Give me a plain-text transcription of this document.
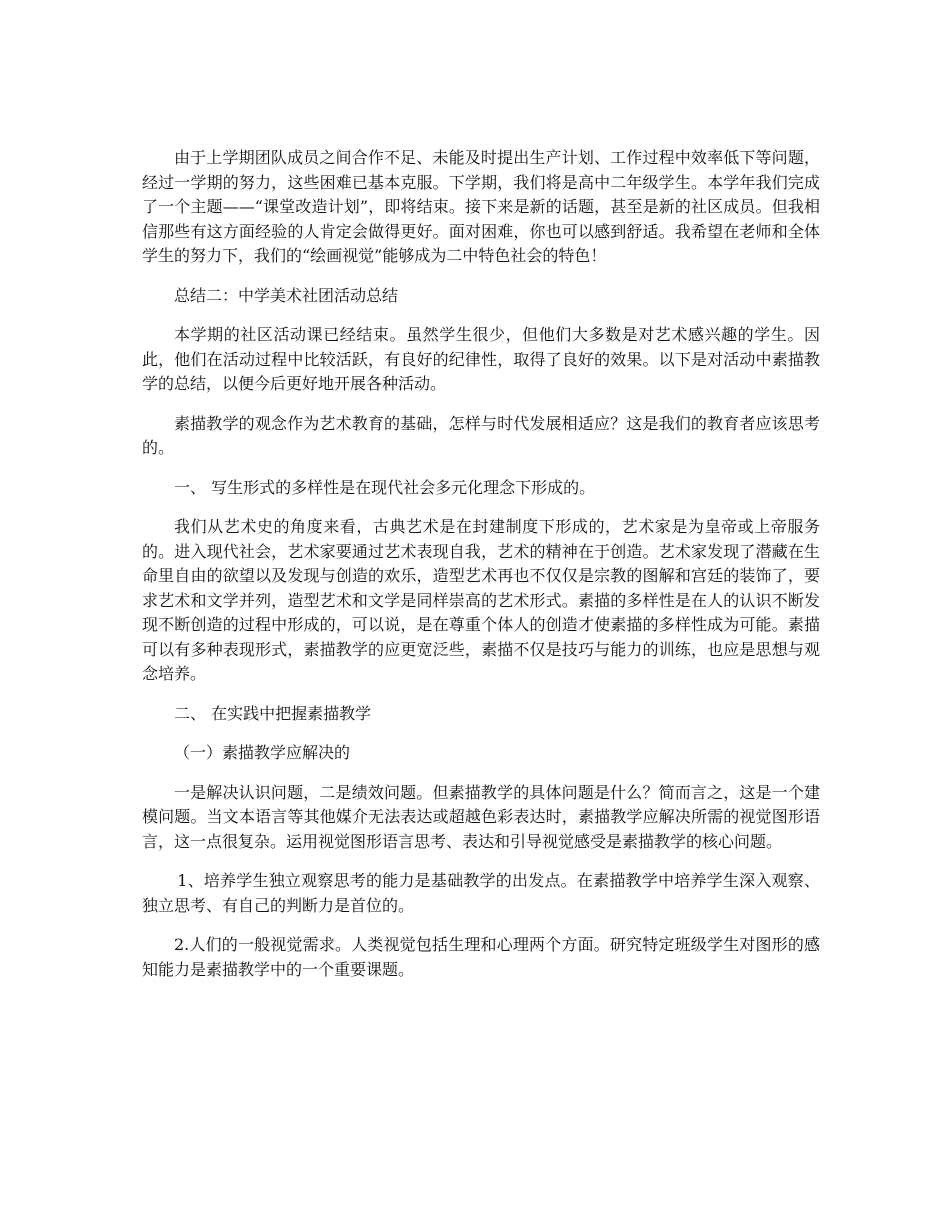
由于上学期团队成员之间合作不足、未能及时提出生产计划、工作过程中效率低下等问题，经过一学期的努力，这些困难已基本克服。下学期，我们将是高中二年级学生。本学年我们完成了一个主题——“课堂改造计划”，即将结束。接下来是新的话题，甚至是新的社区成员。但我相信那些有这方面经验的人肯定会做得更好。面对困难，你也可以感到舒适。我希望在老师和全体学生的努力下，我们的“绘画视觉”能够成为二中特色社会的特色！

总结二：中学美术社团活动总结

本学期的社区活动课已经结束。虽然学生很少，但他们大多数是对艺术感兴趣的学生。因此，他们在活动过程中比较活跃，有良好的纪律性，取得了良好的效果。以下是对活动中素描教学的总结，以便今后更好地开展各种活动。

素描教学的观念作为艺术教育的基础，怎样与时代发展相适应？这是我们的教育者应该思考的。

一、 写生形式的多样性是在现代社会多元化理念下形成的。

我们从艺术史的角度来看，古典艺术是在封建制度下形成的，艺术家是为皇帝或上帝服务的。进入现代社会，艺术家要通过艺术表现自我，艺术的精神在于创造。艺术家发现了潜藏在生命里自由的欲望以及发现与创造的欢乐，造型艺术再也不仅仅是宗教的图解和宫廷的装饰了，要求艺术和文学并列，造型艺术和文学是同样崇高的艺术形式。素描的多样性是在人的认识不断发现不断创造的过程中形成的，可以说，是在尊重个体人的创造才使素描的多样性成为可能。素描可以有多种表现形式，素描教学的应更宽泛些，素描不仅是技巧与能力的训练，也应是思想与观念培养。

二、 在实践中把握素描教学

（一）素描教学应解决的

一是解决认识问题，二是绩效问题。但素描教学的具体问题是什么？简而言之，这是一个建模问题。当文本语言等其他媒介无法表达或超越色彩表达时，素描教学应解决所需的视觉图形语言，这一点很复杂。运用视觉图形语言思考、表达和引导视觉感受是素描教学的核心问题。

1、培养学生独立观察思考的能力是基础教学的出发点。在素描教学中培养学生深入观察、独立思考、有自己的判断力是首位的。

2.人们的一般视觉需求。人类视觉包括生理和心理两个方面。研究特定班级学生对图形的感知能力是素描教学中的一个重要课题。
